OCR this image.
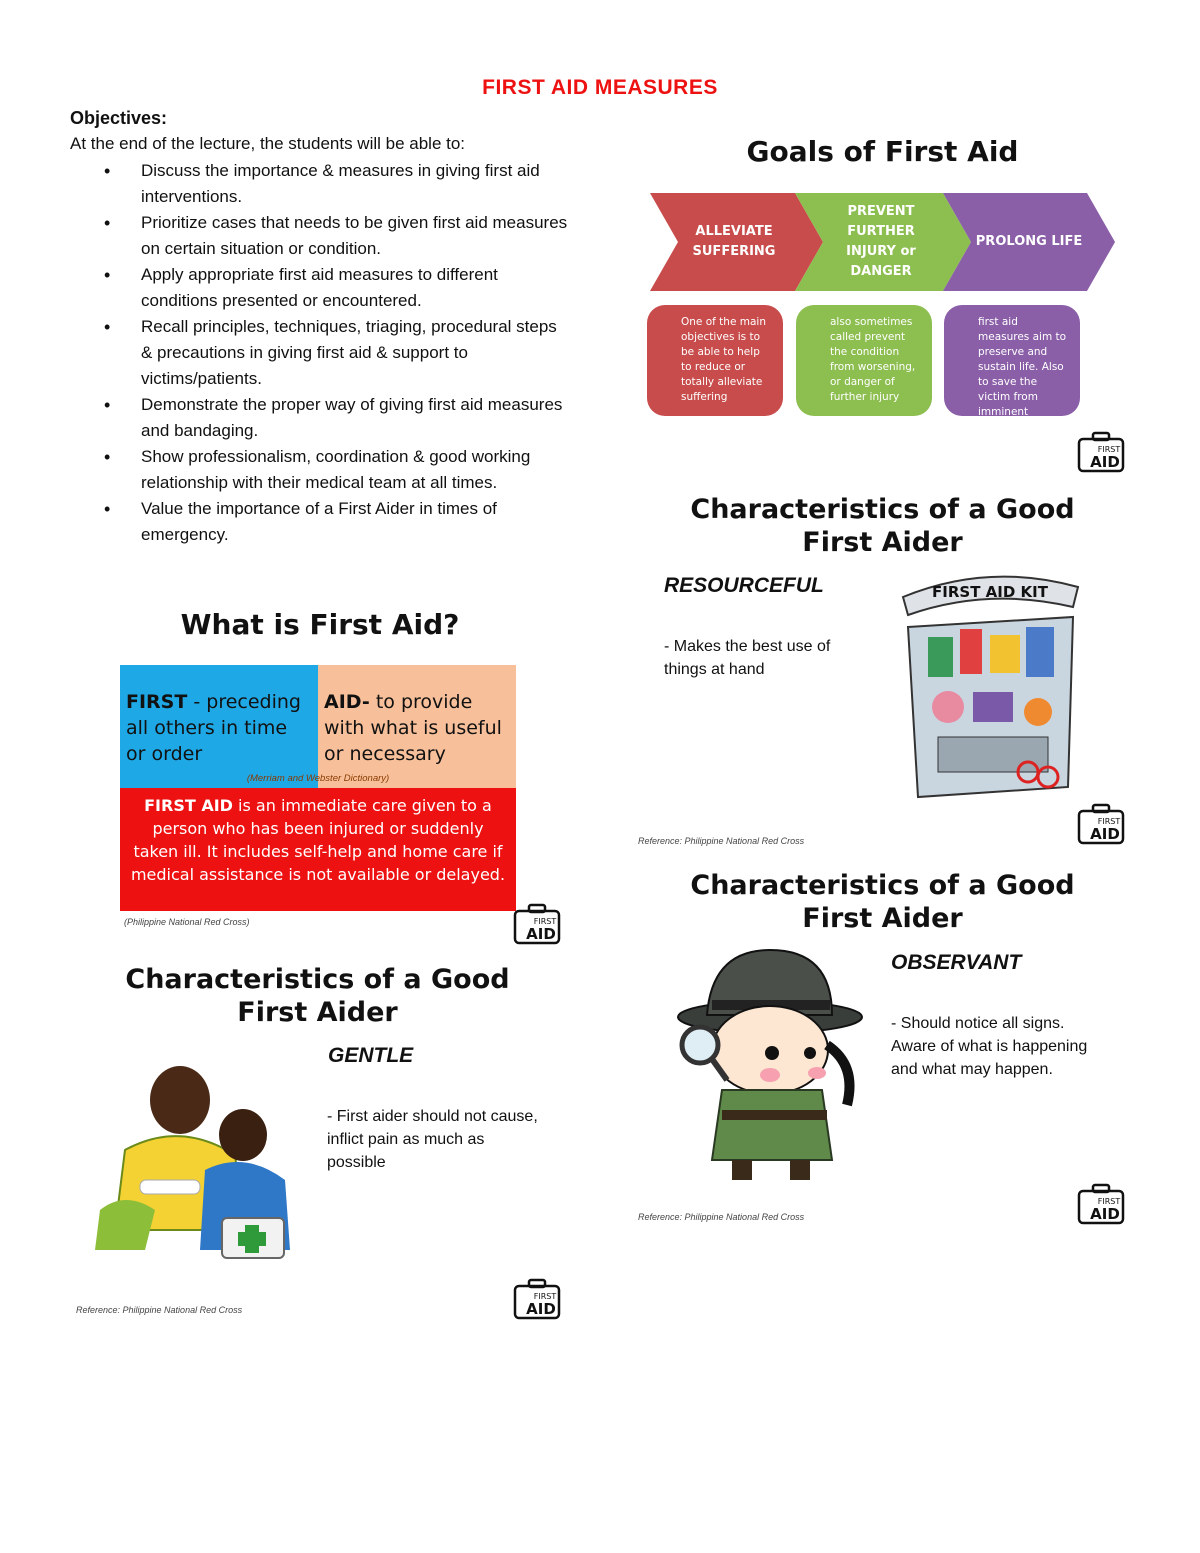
FIRST AID MEASURES
Objectives:
At the end of the lecture, the students will be able to:
• Discuss the importance & measures in giving first aid interventions.
• Prioritize cases that needs to be given first aid measures on certain situation or condition.
• Apply appropriate first aid measures to different conditions presented or encountered.
• Recall principles, techniques, triaging, procedural steps & precautions in giving first aid & support to victims/patients.
• Demonstrate the proper way of giving first aid measures and bandaging.
• Show professionalism, coordination & good working relationship with their medical team at all times.
• Value the importance of a First Aider in times of emergency.
What is First Aid?
FIRST - preceding all others in time or order
AID- to provide with what is useful or necessary
(Merriam and Webster Dictionary)
FIRST AID is an immediate care given to a person who has been injured or suddenly taken ill. It includes self-help and home care if medical assistance is not available or delayed.
(Philippine National Red Cross)	FIRST
AID
Characteristics of a Good
First Aider
GENTLE
- First aider should not cause, inflict pain as much as possible
Reference: Philippine National Red Cross
FIRST
AID
Goals of First Aid
ALLEVIATE SUFFERING
PREVENT FURTHER INJURY or DANGER
PROLONG LIFE
One of the main objectives is to be able to help to reduce or totally alleviate suffering
also sometimes called prevent the condition from worsening, or danger of further injury
first aid measures aim to preserve and sustain life. Also to save the victim from imminent danger.
FIRST
AID
Characteristics of a Good
First Aider
RESOURCEFUL
- Makes the best use of things at hand
FIRST AID KIT
Reference: Philippine National Red Cross
FIRST
AID
Characteristics of a Good
First Aider
OBSERVANT
- Should notice all signs. Aware of what is happening and what may happen.
Reference: Philippine National Red Cross
FIRST
AID
